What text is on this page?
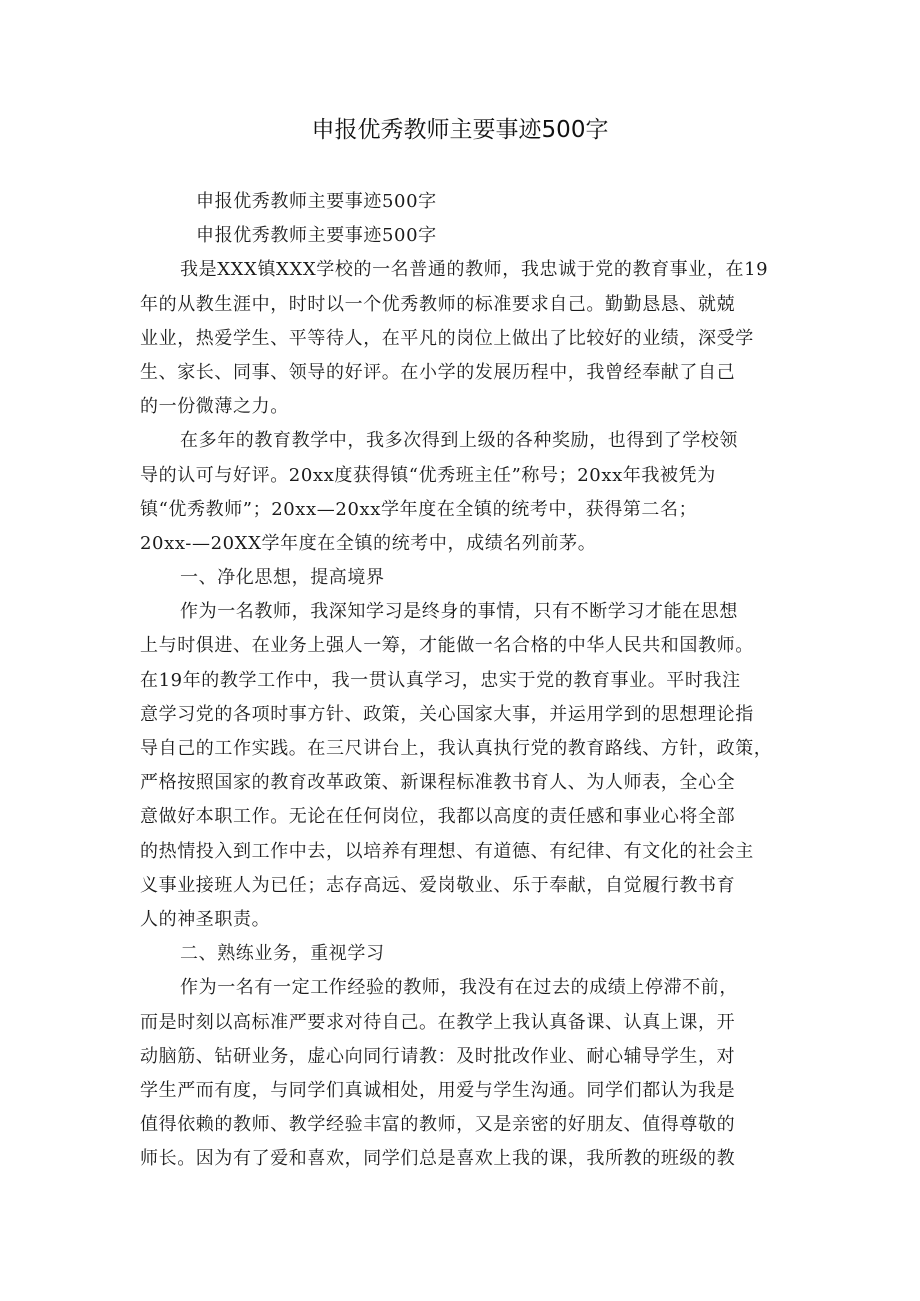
申报优秀教师主要事迹500字
申报优秀教师主要事迹500字
申报优秀教师主要事迹500字
我是XXX镇XXX学校的一名普通的教师，我忠诚于党的教育事业，在19
年的从教生涯中，时时以一个优秀教师的标准要求自己。勤勤恳恳、就兢
业业，热爱学生、平等待人，在平凡的岗位上做出了比较好的业绩，深受学
生、家长、同事、领导的好评。在小学的发展历程中，我曾经奉献了自己
的一份微薄之力。
在多年的教育教学中，我多次得到上级的各种奖励，也得到了学校领
导的认可与好评。20xx度获得镇“优秀班主任”称号；20xx年我被凭为
镇“优秀教师”；20xx—20xx学年度在全镇的统考中，获得第二名；
20xx-—20XX学年度在全镇的统考中，成绩名列前茅。
一、净化思想，提高境界
作为一名教师，我深知学习是终身的事情，只有不断学习才能在思想
上与时俱进、在业务上强人一筹，才能做一名合格的中华人民共和国教师。
在19年的教学工作中，我一贯认真学习，忠实于党的教育事业。平时我注
意学习党的各项时事方针、政策，关心国家大事，并运用学到的思想理论指
导自己的工作实践。在三尺讲台上，我认真执行党的教育路线、方针，政策，
严格按照国家的教育改革政策、新课程标准教书育人、为人师表，全心全
意做好本职工作。无论在任何岗位，我都以高度的责任感和事业心将全部
的热情投入到工作中去，以培养有理想、有道德、有纪律、有文化的社会主
义事业接班人为已任；志存高远、爱岗敬业、乐于奉献，自觉履行教书育
人的神圣职责。
二、熟练业务，重视学习
作为一名有一定工作经验的教师，我没有在过去的成绩上停滞不前，
而是时刻以高标准严要求对待自己。在教学上我认真备课、认真上课，开
动脑筋、钻研业务，虚心向同行请教：及时批改作业、耐心辅导学生，对
学生严而有度，与同学们真诚相处，用爱与学生沟通。同学们都认为我是
值得依赖的教师、教学经验丰富的教师，又是亲密的好朋友、值得尊敬的
师长。因为有了爱和喜欢，同学们总是喜欢上我的课，我所教的班级的教
